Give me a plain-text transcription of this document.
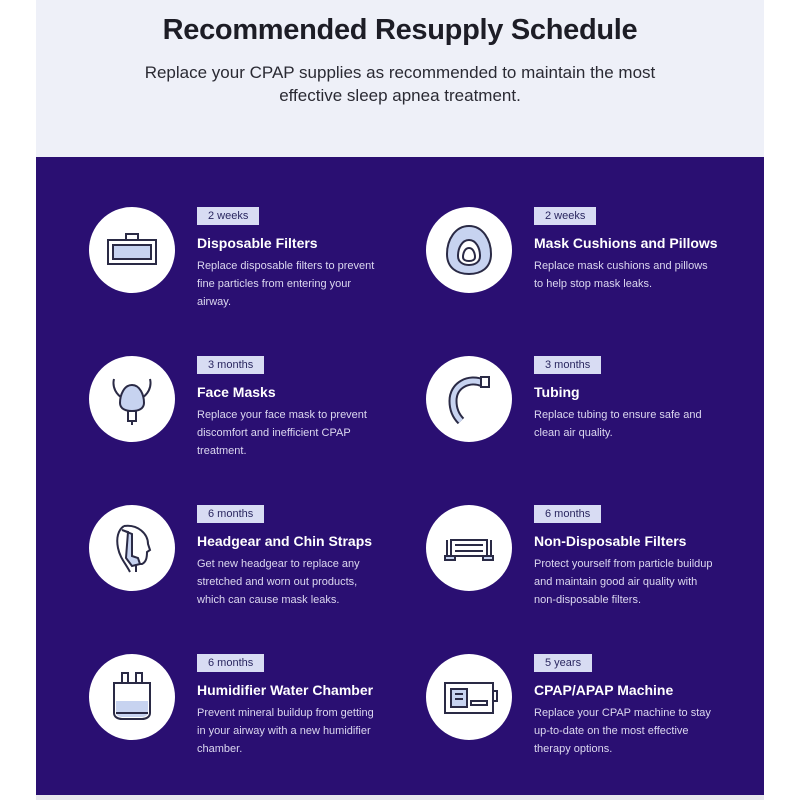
Recommended Resupply Schedule
Replace your CPAP supplies as recommended to maintain the most effective sleep apnea treatment.
2 weeks
Disposable Filters
Replace disposable filters to prevent fine particles from entering your airway.
2 weeks
Mask Cushions and Pillows
Replace mask cushions and pillows to help stop mask leaks.
3 months
Face Masks
Replace your face mask to prevent discomfort and inefficient CPAP treatment.
3 months
Tubing
Replace tubing to ensure safe and clean air quality.
6 months
Headgear and Chin Straps
Get new headgear to replace any stretched and worn out products, which can cause mask leaks.
6 months
Non-Disposable Filters
Protect yourself from particle buildup and maintain good air quality with non-disposable filters.
6 months
Humidifier Water Chamber
Prevent mineral buildup from getting in your airway with a new humidifier chamber.
5 years
CPAP/APAP Machine
Replace your CPAP machine to stay up-to-date on the most effective therapy options.
